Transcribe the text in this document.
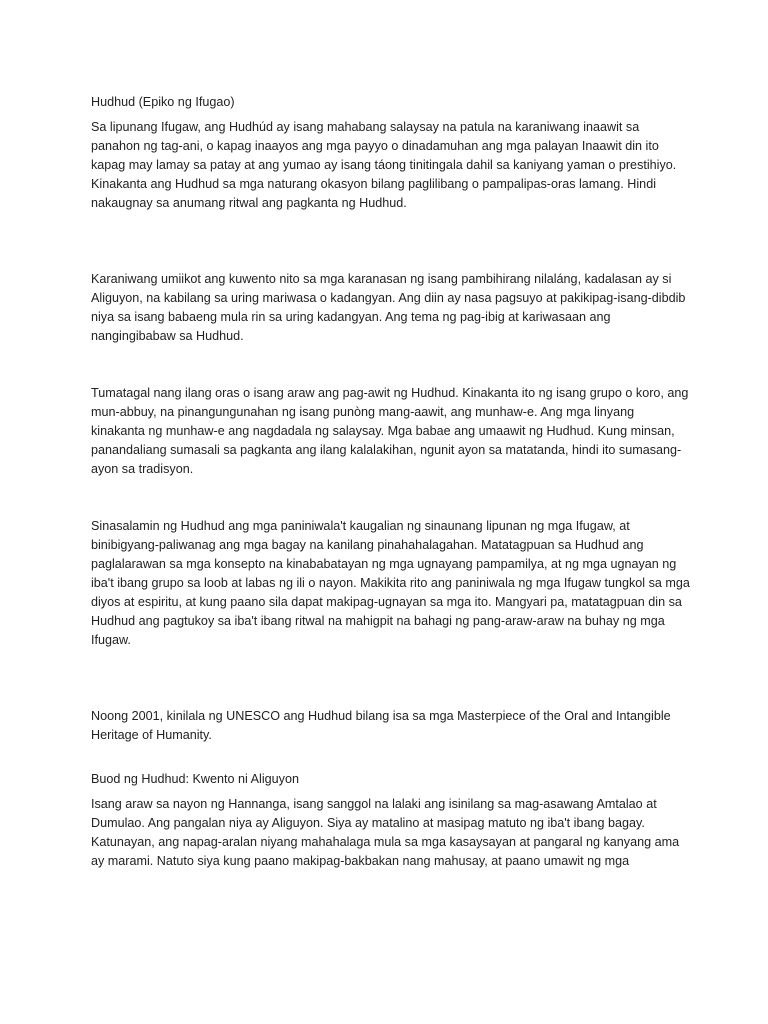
Hudhud (Epiko ng Ifugao)

Sa lipunang Ifugaw, ang Hudhúd ay isang mahabang salaysay na patula na karaniwang inaawit sa panahon ng tag-ani, o kapag inaayos ang mga payyo o dinadamuhan ang mga palayan Inaawit din ito kapag may lamay sa patay at ang yumao ay isang táong tinitingala dahil sa kaniyang yaman o prestihiyo. Kinakanta ang Hudhud sa mga naturang okasyon bilang paglilibang o pampalipas-oras lamang. Hindi nakaugnay sa anumang ritwal ang pagkanta ng Hudhud.

Karaniwang umiikot ang kuwento nito sa mga karanasan ng isang pambihirang nilaláng, kadalasan ay si Aliguyon, na kabilang sa uring mariwasa o kadangyan. Ang diin ay nasa pagsuyo at pakikipag-isang-dibdib niya sa isang babaeng mula rin sa uring kadangyan. Ang tema ng pag-ibig at kariwasaan ang nangingibabaw sa Hudhud.

Tumatagal nang ilang oras o isang araw ang pag-awit ng Hudhud. Kinakanta ito ng isang grupo o koro, ang mun-abbuy, na pinangungunahan ng isang punòng mang-aawit, ang munhaw-e. Ang mga linyang kinakanta ng munhaw-e ang nagdadala ng salaysay. Mga babae ang umaawit ng Hudhud. Kung minsan, panandaliang sumasali sa pagkanta ang ilang kalalakihan, ngunit ayon sa matatanda, hindi ito sumasang-ayon sa tradisyon.

Sinasalamin ng Hudhud ang mga paniniwala't kaugalian ng sinaunang lipunan ng mga Ifugaw, at binibigyang-paliwanag ang mga bagay na kanilang pinahahalagahan. Matatagpuan sa Hudhud ang paglalarawan sa mga konsepto na kinababatayan ng mga ugnayang pampamilya, at ng mga ugnayan ng iba't ibang grupo sa loob at labas ng ili o nayon. Makikita rito ang paniniwala ng mga Ifugaw tungkol sa mga diyos at espiritu, at kung paano sila dapat makipag-ugnayan sa mga ito. Mangyari pa, matatagpuan din sa Hudhud ang pagtukoy sa iba't ibang ritwal na mahigpit na bahagi ng pang-araw-araw na buhay ng mga Ifugaw.

Noong 2001, kinilala ng UNESCO ang Hudhud bilang isa sa mga Masterpiece of the Oral and Intangible Heritage of Humanity.

Buod ng Hudhud: Kwento ni Aliguyon

Isang araw sa nayon ng Hannanga, isang sanggol na lalaki ang isinilang sa mag-asawang Amtalao at Dumulao. Ang pangalan niya ay Aliguyon. Siya ay matalino at masipag matuto ng iba't ibang bagay. Katunayan, ang napag-aralan niyang mahahalaga mula sa mga kasaysayan at pangaral ng kanyang ama ay marami. Natuto siya kung paano makipag-bakbakan nang mahusay, at paano umawit ng mga
